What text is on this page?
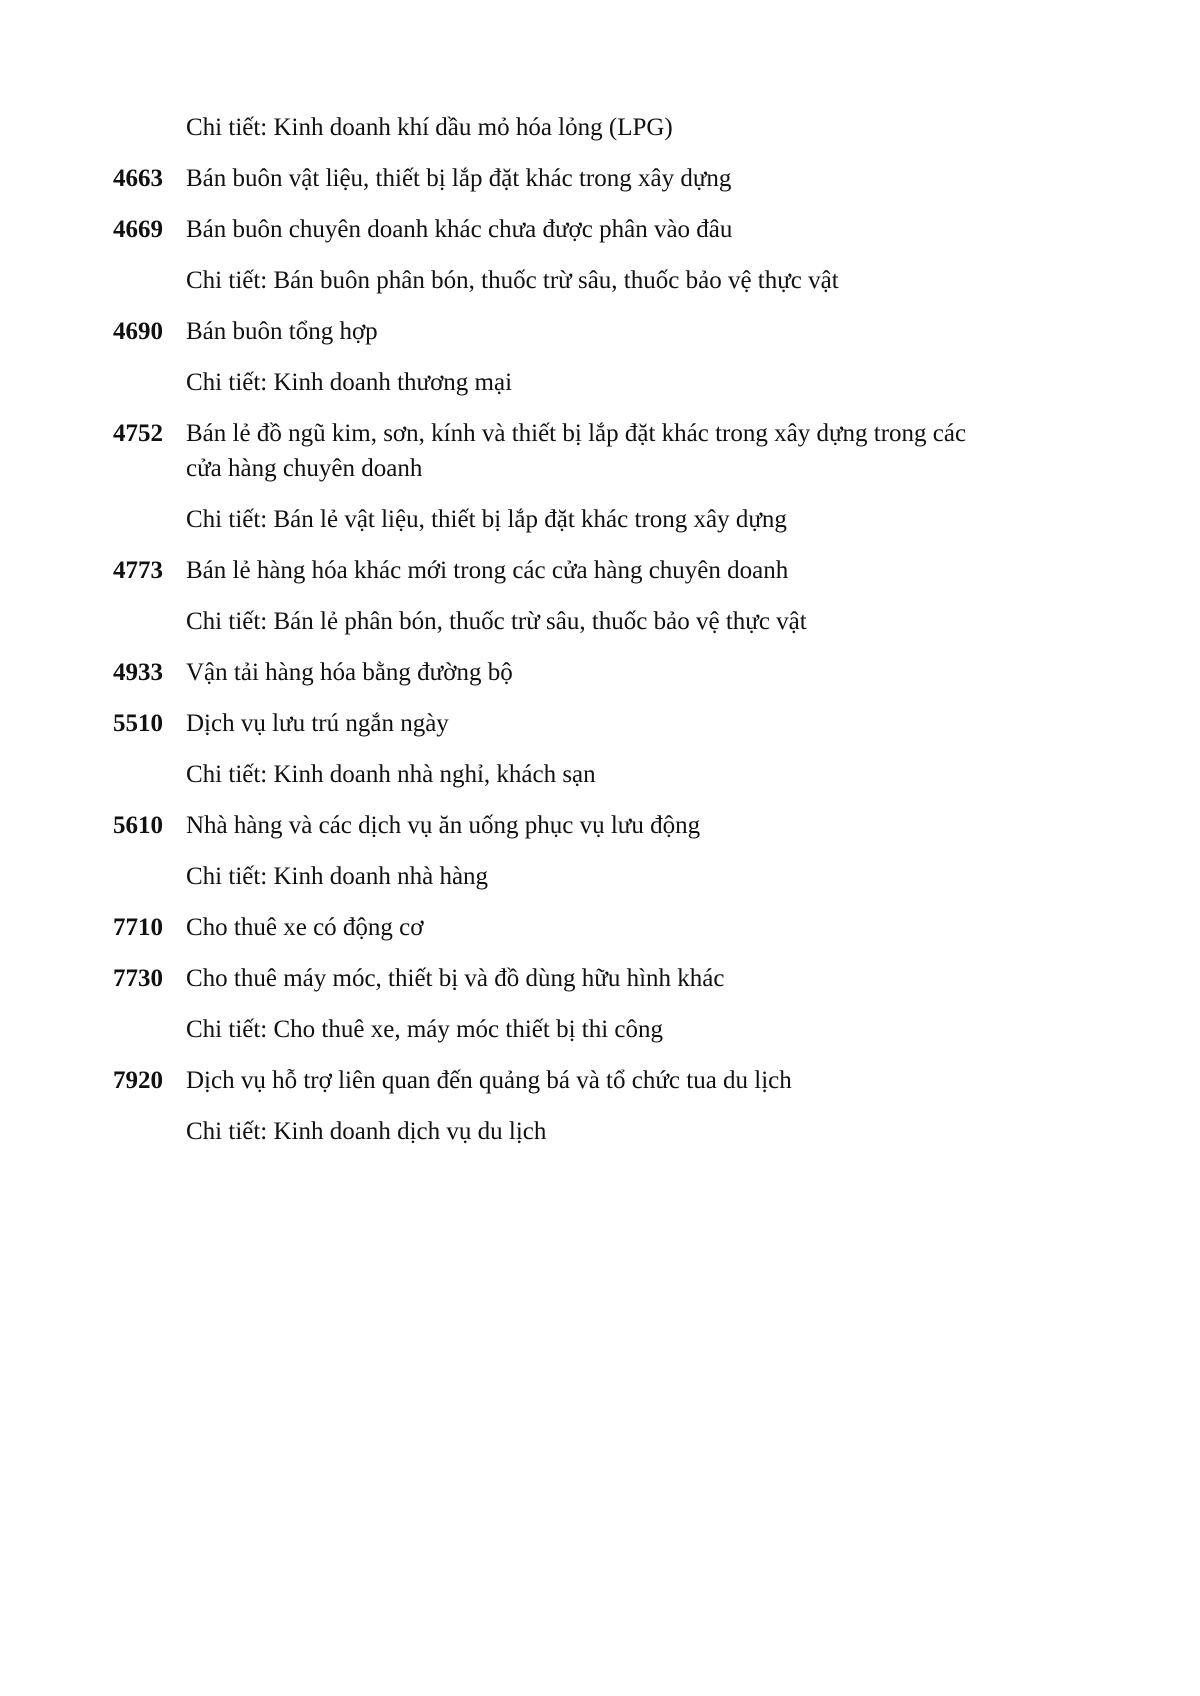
Chi tiết: Kinh doanh khí dầu mỏ hóa lỏng (LPG)
4663 Bán buôn vật liệu, thiết bị lắp đặt khác trong xây dựng
4669 Bán buôn chuyên doanh khác chưa được phân vào đâu
Chi tiết: Bán buôn phân bón, thuốc trừ sâu, thuốc bảo vệ thực vật
4690 Bán buôn tổng hợp
Chi tiết: Kinh doanh thương mại
4752 Bán lẻ đồ ngũ kim, sơn, kính và thiết bị lắp đặt khác trong xây dựng trong các cửa hàng chuyên doanh
Chi tiết: Bán lẻ vật liệu, thiết bị lắp đặt khác trong xây dựng
4773 Bán lẻ hàng hóa khác mới trong các cửa hàng chuyên doanh
Chi tiết: Bán lẻ phân bón, thuốc trừ sâu, thuốc bảo vệ thực vật
4933 Vận tải hàng hóa bằng đường bộ
5510 Dịch vụ lưu trú ngắn ngày
Chi tiết: Kinh doanh nhà nghỉ, khách sạn
5610 Nhà hàng và các dịch vụ ăn uống phục vụ lưu động
Chi tiết: Kinh doanh nhà hàng
7710 Cho thuê xe có động cơ
7730 Cho thuê máy móc, thiết bị và đồ dùng hữu hình khác
Chi tiết: Cho thuê xe, máy móc thiết bị thi công
7920 Dịch vụ hỗ trợ liên quan đến quảng bá và tổ chức tua du lịch
Chi tiết: Kinh doanh dịch vụ du lịch
